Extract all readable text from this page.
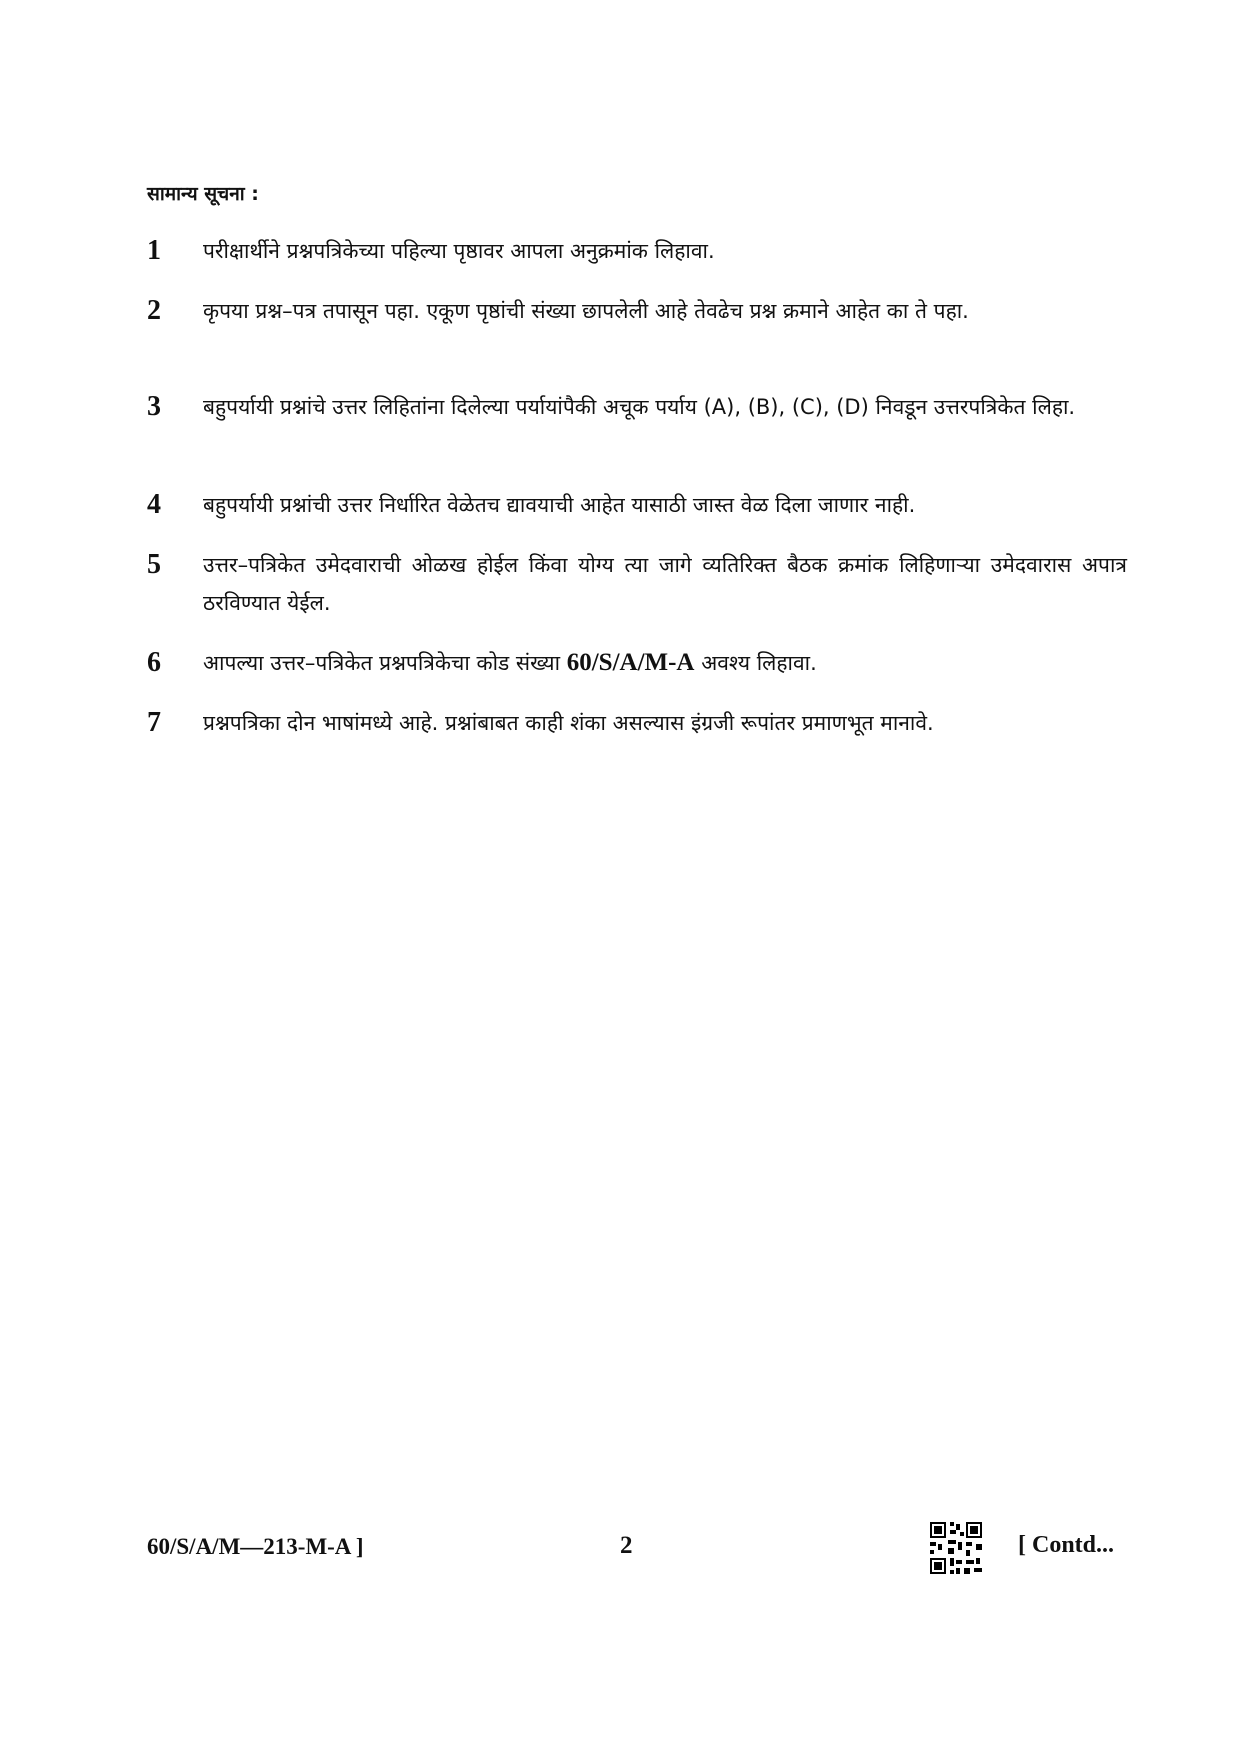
सामान्य सूचना :
1	परीक्षार्थीने प्रश्नपत्रिकेच्या पहिल्या पृष्ठावर आपला अनुक्रमांक लिहावा.
2	कृपया प्रश्न–पत्र तपासून पहा. एकूण पृष्ठांची संख्या छापलेली आहे तेवढेच प्रश्न क्रमाने आहेत का ते पहा.
3	बहुपर्यायी प्रश्नांचे उत्तर लिहितांना दिलेल्या पर्यायांपैकी अचूक पर्याय (A), (B), (C), (D) निवडून उत्तरपत्रिकेत लिहा.
4	बहुपर्यायी प्रश्नांची उत्तर निर्धारित वेळेतच द्यावयाची आहेत यासाठी जास्त वेळ दिला जाणार नाही.
5	उत्तर–पत्रिकेत उमेदवाराची ओळख होईल किंवा योग्य त्या जागे व्यतिरिक्त बैठक क्रमांक लिहिणाऱ्या उमेदवारास अपात्र ठरविण्यात येईल.
6	आपल्या उत्तर–पत्रिकेत प्रश्नपत्रिकेचा कोड संख्या 60/S/A/M-A अवश्य लिहावा.
7	प्रश्नपत्रिका दोन भाषांमध्ये आहे. प्रश्नांबाबत काही शंका असल्यास इंग्रजी रूपांतर प्रमाणभूत मानावे.
60/S/A/M—213-M-A ]	2	[ Contd...
